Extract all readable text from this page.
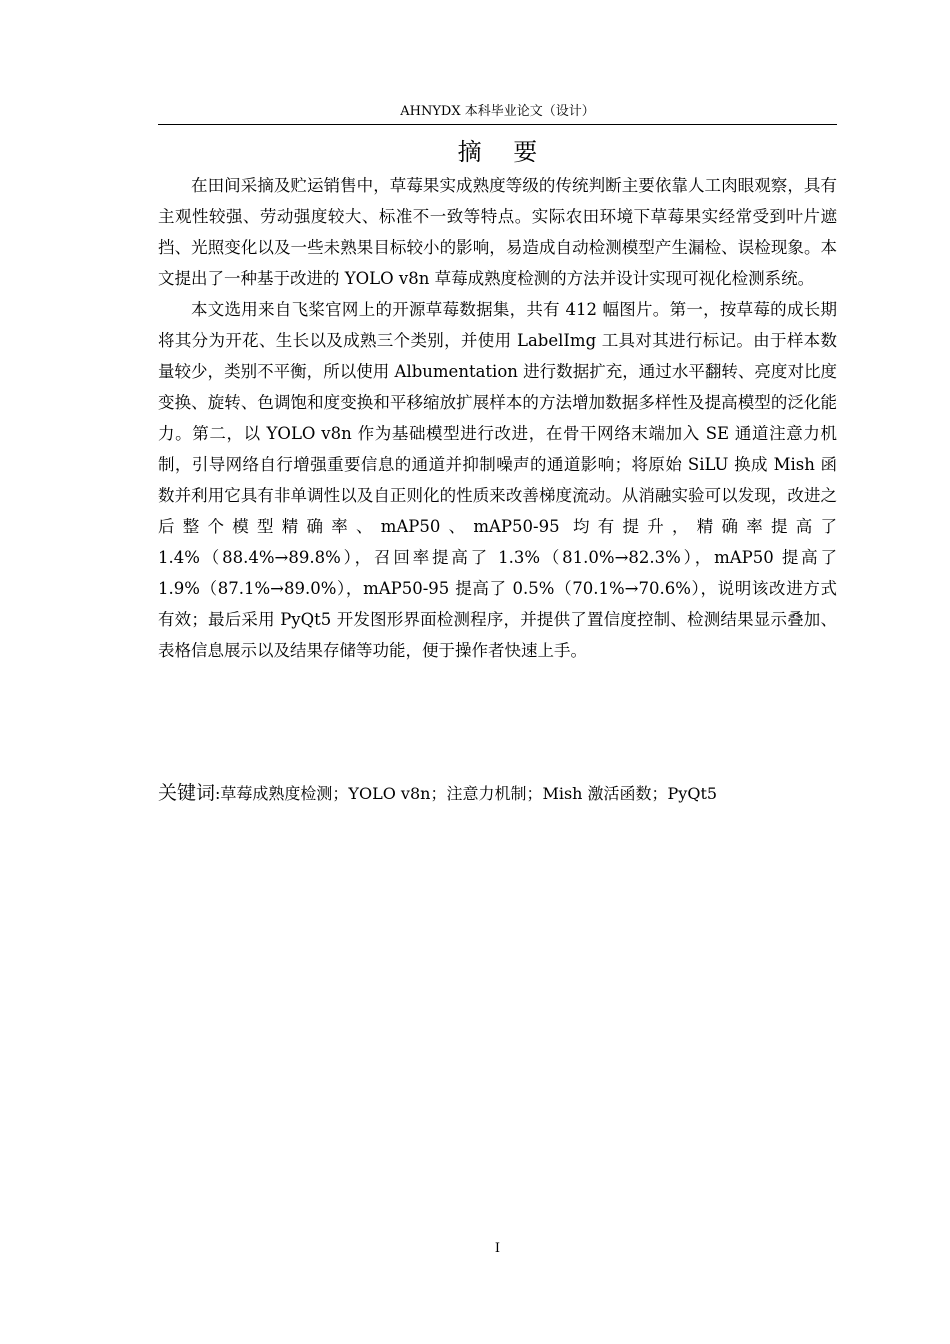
AHNYDX 本科毕业论文（设计）
摘 要

在田间采摘及贮运销售中，草莓果实成熟度等级的传统判断主要依靠人工肉眼观察，具有主观性较强、劳动强度较大、标准不一致等特点。实际农田环境下草莓果实经常受到叶片遮挡、光照变化以及一些未熟果目标较小的影响，易造成自动检测模型产生漏检、误检现象。本文提出了一种基于改进的 YOLO v8n 草莓成熟度检测的方法并设计实现可视化检测系统。

本文选用来自飞桨官网上的开源草莓数据集，共有 412 幅图片。第一，按草莓的成长期将其分为开花、生长以及成熟三个类别，并使用 LabelImg 工具对其进行标记。由于样本数量较少，类别不平衡，所以使用 Albumentation 进行数据扩充，通过水平翻转、亮度对比度变换、旋转、色调饱和度变换和平移缩放扩展样本的方法增加数据多样性及提高模型的泛化能力。第二，以 YOLO v8n 作为基础模型进行改进，在骨干网络末端加入 SE 通道注意力机制，引导网络自行增强重要信息的通道并抑制噪声的通道影响；将原始 SiLU 换成 Mish 函数并利用它具有非单调性以及自正则化的性质来改善梯度流动。从消融实验可以发现，改进之后整个模型精确率、mAP50、mAP50-95 均有提升，精确率提高了 1.4%（88.4%→89.8%），召回率提高了 1.3%（81.0%→82.3%），mAP50 提高了 1.9%（87.1%→89.0%），mAP50-95 提高了 0.5%（70.1%→70.6%），说明该改进方式有效；最后采用 PyQt5 开发图形界面检测程序，并提供了置信度控制、检测结果显示叠加、表格信息展示以及结果存储等功能，便于操作者快速上手。

关键词:草莓成熟度检测；YOLO v8n；注意力机制；Mish 激活函数；PyQt5
I
